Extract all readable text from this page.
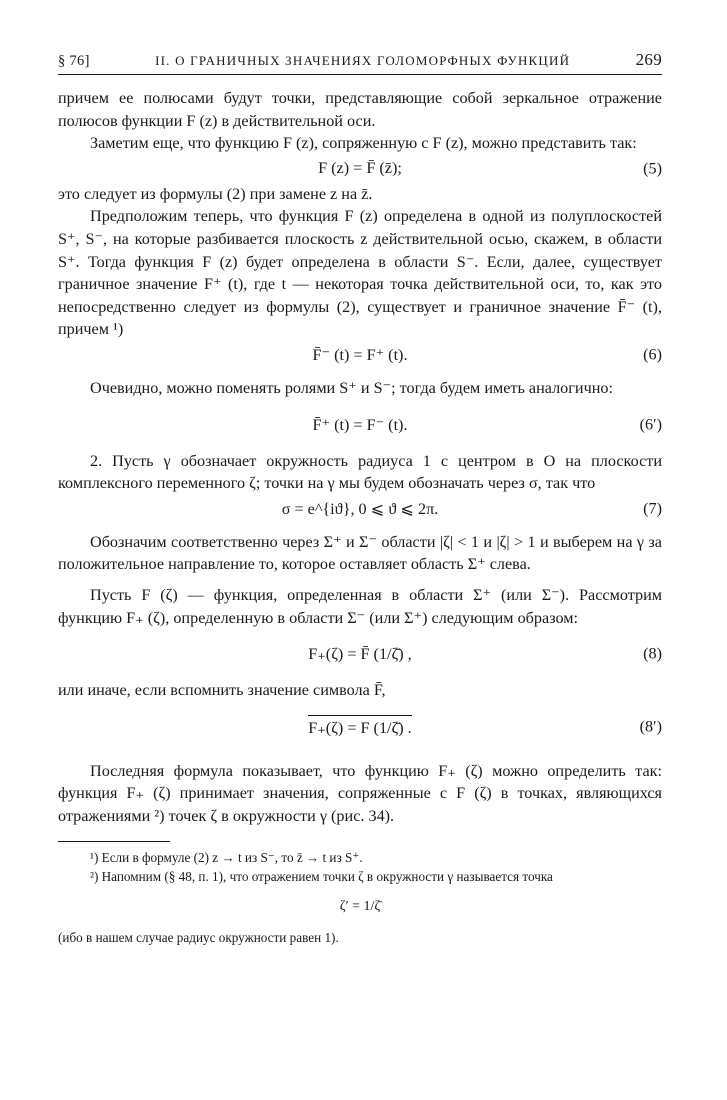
§ 76]	II. О ГРАНИЧНЫХ ЗНАЧЕНИЯХ ГОЛОМОРФНЫХ ФУНКЦИЙ	269

причем ее полюсами будут точки, представляющие собой зеркальное отражение полюсов функции F (z) в действительной оси.

Заметим еще, что функцию F (z), сопряженную с F (z), можно представить так:

F (z) = F̄ (z̄);	(5)

это следует из формулы (2) при замене z на z̄.

Предположим теперь, что функция F (z) определена в одной из полуплоскостей S⁺, S⁻, на которые разбивается плоскость z действительной осью, скажем, в области S⁺. Тогда функция F (z) будет определена в области S⁻. Если, далее, существует граничное значение F⁺ (t), где t — некоторая точка действительной оси, то, как это непосредственно следует из формулы (2), существует и граничное значение F̄⁻ (t), причем ¹)

F̄⁻ (t) = F⁺ (t).	(6)

Очевидно, можно поменять ролями S⁺ и S⁻; тогда будем иметь аналогично:

F̄⁺ (t) = F⁻ (t).	(6′)

2. Пусть γ обозначает окружность радиуса 1 с центром в O на плоскости комплексного переменного ζ; точки на γ мы будем обозначать через σ, так что

σ = e^{iϑ}, 0 ⩽ ϑ ⩽ 2π.	(7)

Обозначим соответственно через Σ⁺ и Σ⁻ области |ζ| < 1 и |ζ| > 1 и выберем на γ за положительное направление то, которое оставляет область Σ⁺ слева.

Пусть F (ζ) — функция, определенная в области Σ⁺ (или Σ⁻). Рассмотрим функцию F₊ (ζ), определенную в области Σ⁻ (или Σ⁺) следующим образом:

F₊(ζ) = F̄ (1/ζ̄) ,	(8)

или иначе, если вспомнить значение символа F̄,

F₊(ζ) = F (1/ζ̄) .	(8′)

Последняя формула показывает, что функцию F₊ (ζ) можно определить так: функция F₊ (ζ) принимает значения, сопряженные с F (ζ) в точках, являющихся отражениями ²) точек ζ в окружности γ (рис. 34).

¹) Если в формуле (2) z → t из S⁻, то z̄ → t из S⁺.
²) Напомним (§ 48, п. 1), что отражением точки ζ в окружности γ называется точка
ζ′ = 1/ζ̄
(ибо в нашем случае радиус окружности равен 1).
